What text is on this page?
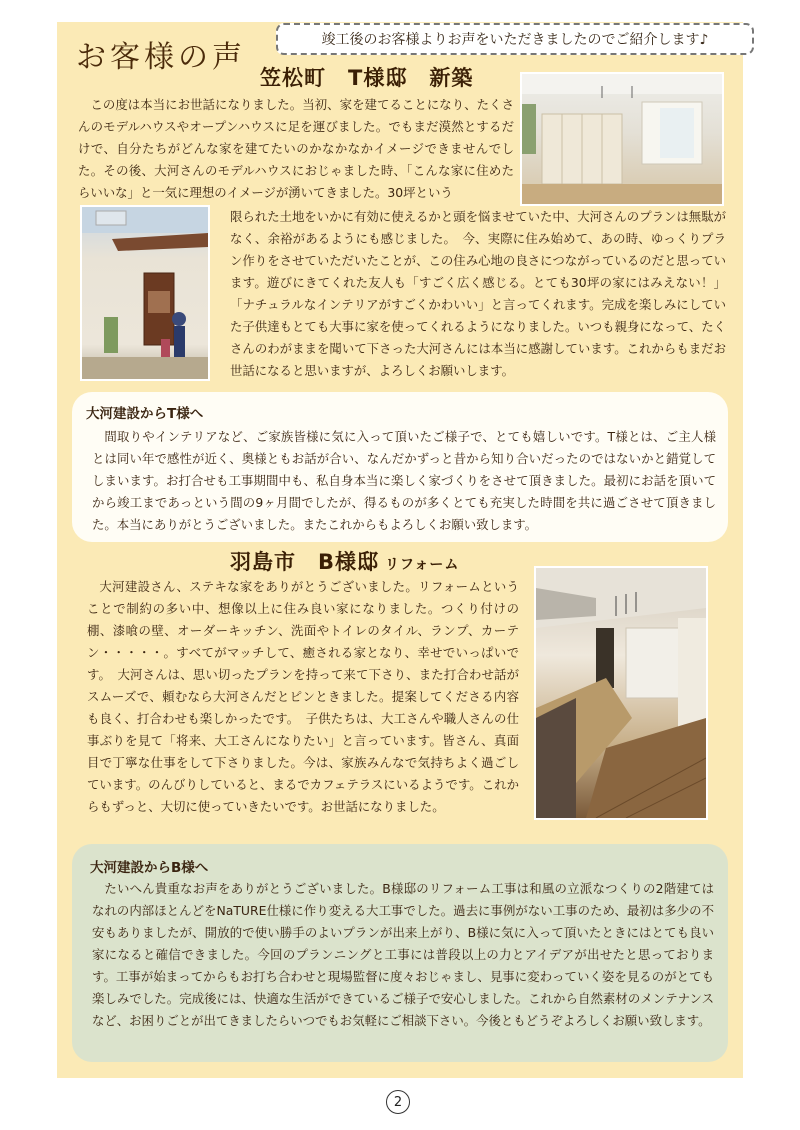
お客様の声	竣工後のお客様よりお声をいただきましたのでご紹介します♪
笠松町　T様邸　新築
この度は本当にお世話になりました。当初、家を建てることになり、たくさんのモデルハウスやオープンハウスに足を運びました。でもまだ漠然とするだけで、自分たちがどんな家を建てたいのかなかなかイメージできませんでした。その後、大河さんのモデルハウスにおじゃました時、「こんな家に住めたらいいな」と一気に理想のイメージが湧いてきました。30坪という
限られた土地をいかに有効に使えるかと頭を悩ませていた中、大河さんのプランは無駄がなく、余裕があるようにも感じました。　今、実際に住み始めて、あの時、ゆっくりプラン作りをさせていただいたことが、この住み心地の良さにつながっているのだと思っています。遊びにきてくれた友人も「すごく広く感じる。とても30坪の家にはみえない！」「ナチュラルなインテリアがすごくかわいい」と言ってくれます。完成を楽しみにしていた子供達もとても大事に家を使ってくれるようになりました。いつも親身になって、たくさんのわがままを聞いて下さった大河さんには本当に感謝しています。これからもまだお世話になると思いますが、よろしくお願いします。
大河建設からT様へ
間取りやインテリアなど、ご家族皆様に気に入って頂いたご様子で、とても嬉しいです。T様とは、ご主人様とは同い年で感性が近く、奥様ともお話が合い、なんだかずっと昔から知り合いだったのではないかと錯覚してしまいます。お打合せも工事期間中も、私自身本当に楽しく家づくりをさせて頂きました。最初にお話を頂いてから竣工まであっという間の9ヶ月間でしたが、得るものが多くとても充実した時間を共に過ごさせて頂きました。本当にありがとうございました。またこれからもよろしくお願い致します。
羽島市　B様邸 リフォーム
大河建設さん、ステキな家をありがとうございました。リフォームということで制約の多い中、想像以上に住み良い家になりました。つくり付けの棚、漆喰の壁、オーダーキッチン、洗面やトイレのタイル、ランプ、カーテン・・・・・。すべてがマッチして、癒される家となり、幸せでいっぱいです。　大河さんは、思い切ったプランを持って来て下さり、また打合わせ話がスムーズで、頼むなら大河さんだとピンときました。提案してくださる内容も良く、打合わせも楽しかったです。　子供たちは、大工さんや職人さんの仕事ぶりを見て「将来、大工さんになりたい」と言っています。皆さん、真面目で丁寧な仕事をして下さりました。今は、家族みんなで気持ちよく過ごしています。のんびりしていると、まるでカフェテラスにいるようです。これからもずっと、大切に使っていきたいです。お世話になりました。
大河建設からB様へ
たいへん貴重なお声をありがとうございました。B様邸のリフォーム工事は和風の立派なつくりの2階建てはなれの内部ほとんどをNaTURE仕様に作り変える大工事でした。過去に事例がない工事のため、最初は多少の不安もありましたが、開放的で使い勝手のよいプランが出来上がり、B様に気に入って頂いたときにはとても良い家になると確信できました。今回のプランニングと工事には普段以上の力とアイデアが出せたと思っております。工事が始まってからもお打ち合わせと現場監督に度々おじゃまし、見事に変わっていく姿を見るのがとても楽しみでした。完成後には、快適な生活ができているご様子で安心しました。これから自然素材のメンテナンスなど、お困りごとが出てきましたらいつでもお気軽にご相談下さい。今後ともどうぞよろしくお願い致します。
2
